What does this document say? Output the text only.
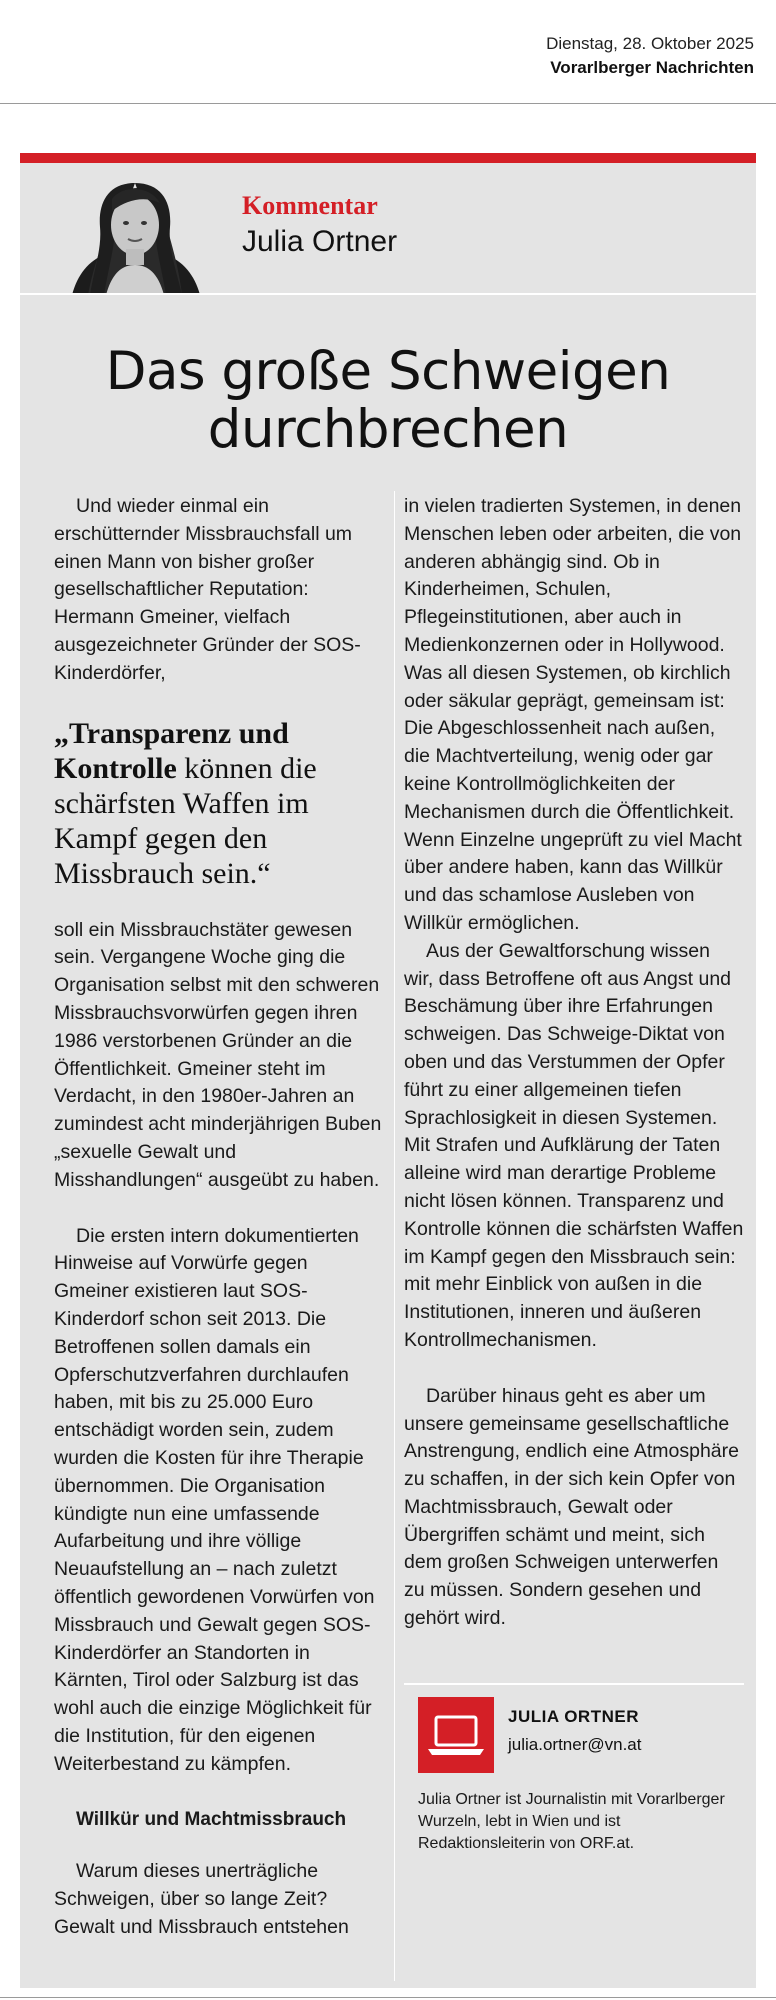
Dienstag, 28. Oktober 2025
Vorarlberger Nachrichten
Kommentar
Julia Ortner
Das große Schweigen
durchbrechen

Und wieder einmal ein erschütternder Missbrauchsfall um einen Mann von bisher großer gesellschaftlicher Reputation: Hermann Gmeiner, vielfach ausgezeichneter Gründer der SOS-Kinderdörfer,

„Transparenz und Kontrolle können die schärfsten Waffen im Kampf gegen den Missbrauch sein.“

soll ein Missbrauchstäter gewesen sein. Vergangene Woche ging die Organisation selbst mit den schweren Missbrauchsvorwürfen gegen ihren 1986 verstorbenen Gründer an die Öffentlichkeit. Gmeiner steht im Verdacht, in den 1980er-Jahren an zumindest acht minderjährigen Buben „sexuelle Gewalt und Misshandlungen“ ausgeübt zu haben.

Die ersten intern dokumentierten Hinweise auf Vorwürfe gegen Gmeiner existieren laut SOS-Kinderdorf schon seit 2013. Die Betroffenen sollen damals ein Opferschutzverfahren durchlaufen haben, mit bis zu 25.000 Euro entschädigt worden sein, zudem wurden die Kosten für ihre Therapie übernommen. Die Organisation kündigte nun eine umfassende Aufarbeitung und ihre völlige Neuaufstellung an – nach zuletzt öffentlich gewordenen Vorwürfen von Missbrauch und Gewalt gegen SOS-Kinderdörfer an Standorten in Kärnten, Tirol oder Salzburg ist das wohl auch die einzige Möglichkeit für die Institution, für den eigenen Weiterbestand zu kämpfen.

Willkür und Machtmissbrauch

Warum dieses unerträgliche Schweigen, über so lange Zeit? Gewalt und Missbrauch entstehen

in vielen tradierten Systemen, in denen Menschen leben oder arbeiten, die von anderen abhängig sind. Ob in Kinderheimen, Schulen, Pflegeinstitutionen, aber auch in Medienkonzernen oder in Hollywood. Was all diesen Systemen, ob kirchlich oder säkular geprägt, gemeinsam ist: Die Abgeschlossenheit nach außen, die Machtverteilung, wenig oder gar keine Kontrollmöglichkeiten der Mechanismen durch die Öffentlichkeit. Wenn Einzelne ungeprüft zu viel Macht über andere haben, kann das Willkür und das schamlose Ausleben von Willkür ermöglichen.

Aus der Gewaltforschung wissen wir, dass Betroffene oft aus Angst und Beschämung über ihre Erfahrungen schweigen. Das Schweige-Diktat von oben und das Verstummen der Opfer führt zu einer allgemeinen tiefen Sprachlosigkeit in diesen Systemen. Mit Strafen und Aufklärung der Taten alleine wird man derartige Probleme nicht lösen können. Transparenz und Kontrolle können die schärfsten Waffen im Kampf gegen den Missbrauch sein: mit mehr Einblick von außen in die Institutionen, inneren und äußeren Kontrollmechanismen.

Darüber hinaus geht es aber um unsere gemeinsame gesellschaftliche Anstrengung, endlich eine Atmosphäre zu schaffen, in der sich kein Opfer von Machtmissbrauch, Gewalt oder Übergriffen schämt und meint, sich dem großen Schweigen unterwerfen zu müssen. Sondern gesehen und gehört wird.

JULIA ORTNER
julia.ortner@vn.at
Julia Ortner ist Journalistin mit Vorarlberger Wurzeln, lebt in Wien und ist Redaktionsleiterin von ORF.at.
